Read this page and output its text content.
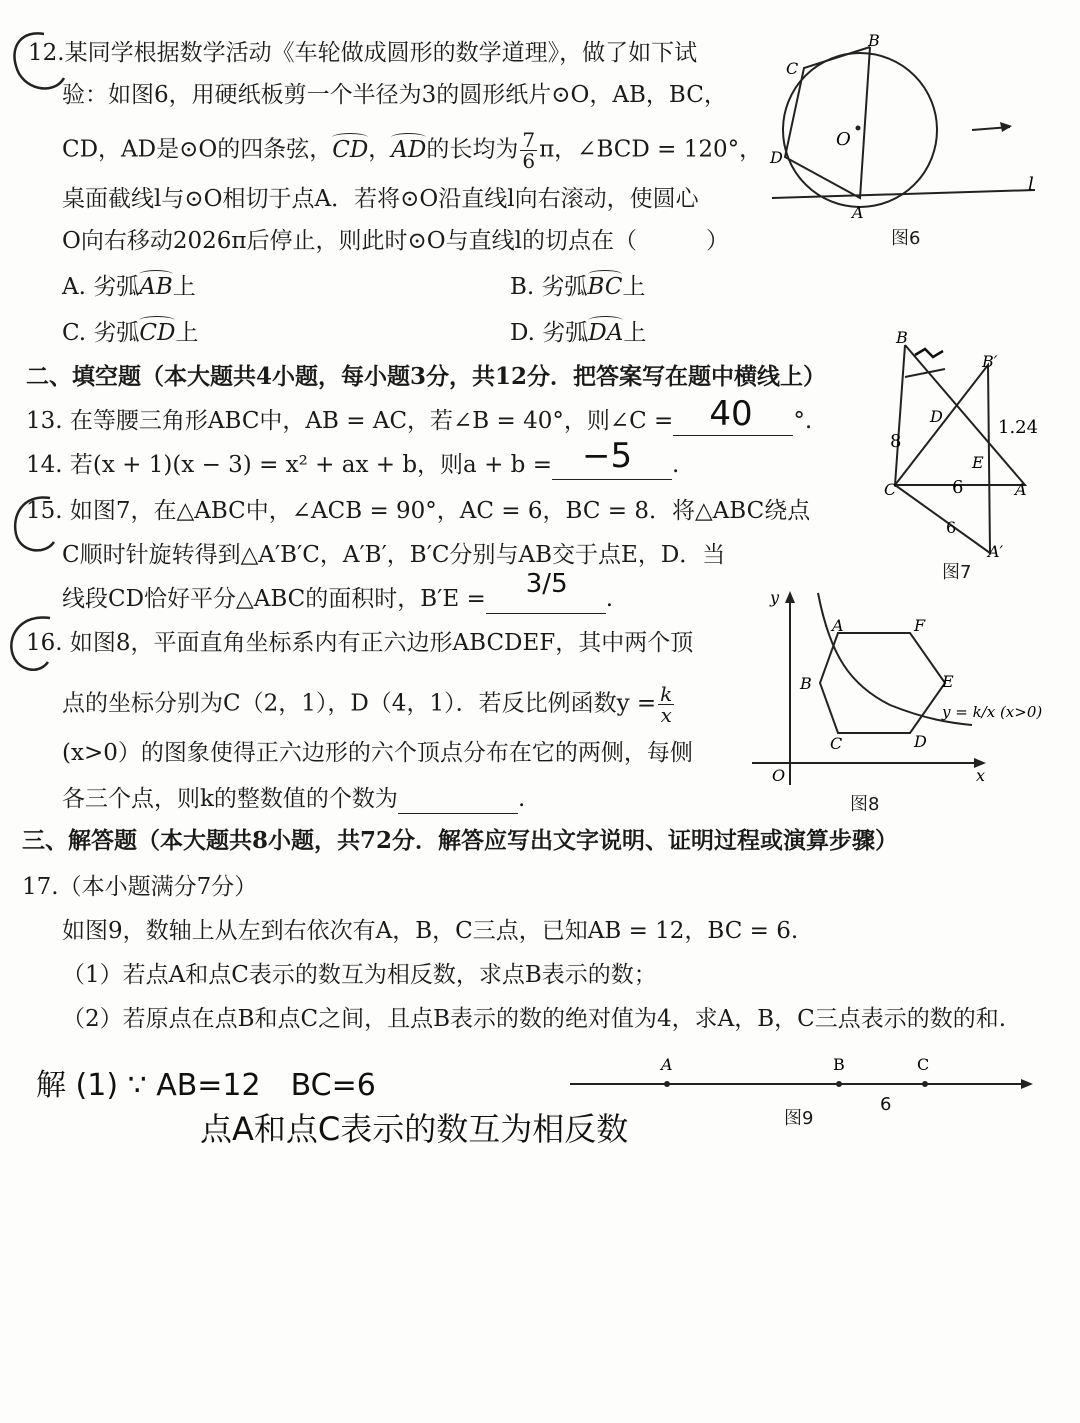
12.某同学根据数学活动《车轮做成圆形的数学道理》，做了如下试
验：如图6，用硬纸板剪一个半径为3的圆形纸片⊙O，AB，BC，
CD，AD是⊙O的四条弦，CD，AD的长均为 $\frac{7}{6}$ π，∠BCD = 120°，
桌面截线l与⊙O相切于点A．若将⊙O沿直线l向右滚动，使圆心
O向右移动2026π后停止，则此时⊙O与直线l的切点在（　　　）
A. 劣弧AB上	B. 劣弧BC上
C. 劣弧CD上	D. 劣弧DA上
B
C
D
O
A
l
图6
二、填空题（本大题共4小题，每小题3分，共12分．把答案写在题中横线上）
13. 在等腰三角形ABC中，AB = AC，若∠B = 40°，则∠C = 40 °.
14. 若(x + 1)(x − 3) = x² + ax + b，则a + b = −5 .
15. 如图7，在△ABC中，∠ACB = 90°，AC = 6，BC = 8．将△ABC绕点
C顺时针旋转得到△A′B′C，A′B′，B′C分别与AB交于点E，D．当
线段CD恰好平分△ABC的面积时，B′E = 3/5 .
B
B′
D
E
C	A
A′
8
6
6
1.24
图7
16. 如图8，平面直角坐标系内有正六边形ABCDEF，其中两个顶
点的坐标分别为C（2，1），D（4，1）．若反比例函数$y = \frac{k}{x}$
(x>0）的图象使得正六边形的六个顶点分布在它的两侧，每侧
各三个点，则k的整数值的个数为	.
y
x
O
A	F
B	E
C	D
y = k/x (x>0)
图8
三、解答题（本大题共8小题，共72分．解答应写出文字说明、证明过程或演算步骤）
17.（本小题满分7分）
如图9，数轴上从左到右依次有A，B，C三点，已知AB = 12，BC = 6.
（1）若点A和点C表示的数互为相反数，求点B表示的数；
（2）若原点在点B和点C之间，且点B表示的数的绝对值为4，求A，B，C三点表示的数的和.
A	B	C
图9
6
解 (1) ∵ AB=12　BC=6
点A和点C表示的数互为相反数
